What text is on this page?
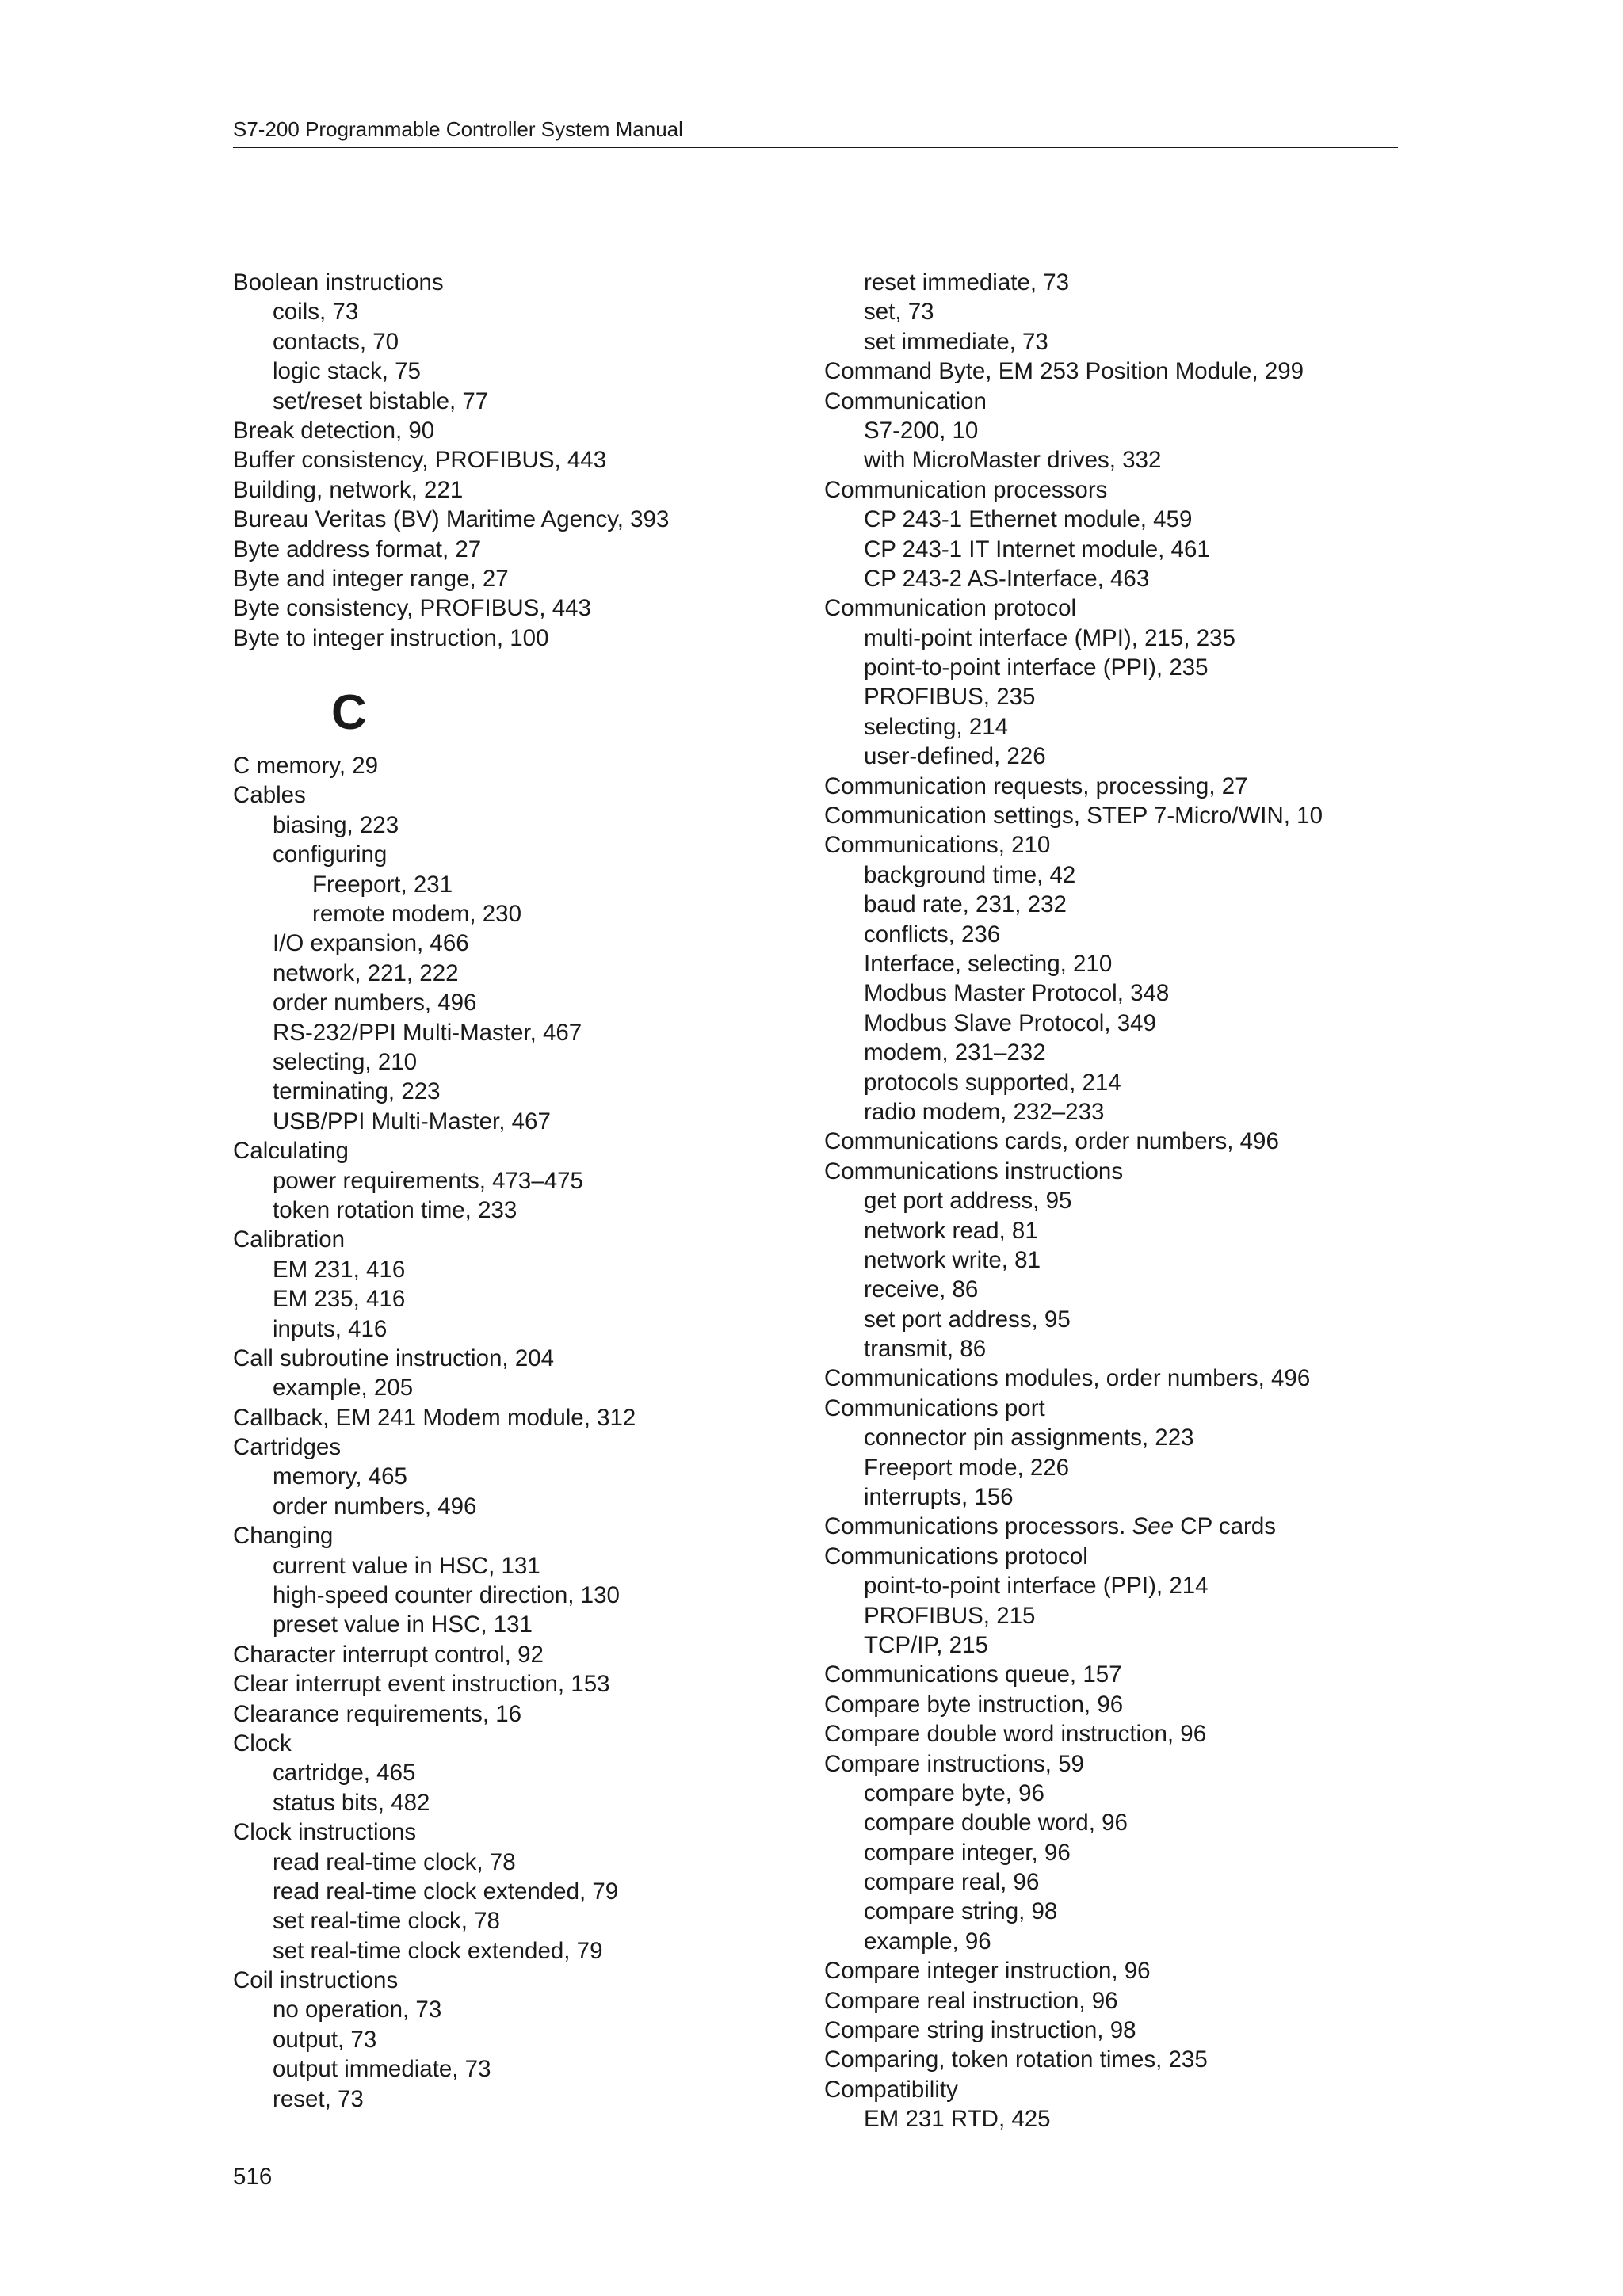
S7-200 Programmable Controller System Manual
Boolean instructions
coils, 73
contacts, 70
logic stack, 75
set/reset bistable, 77
Break detection, 90
Buffer consistency, PROFIBUS, 443
Building, network, 221
Bureau Veritas (BV) Maritime Agency, 393
Byte address format, 27
Byte and integer range, 27
Byte consistency, PROFIBUS, 443
Byte to integer instruction, 100
C
C memory, 29
Cables
biasing, 223
configuring
Freeport, 231
remote modem, 230
I/O expansion, 466
network, 221, 222
order numbers, 496
RS-232/PPI Multi-Master, 467
selecting, 210
terminating, 223
USB/PPI Multi-Master, 467
Calculating
power requirements, 473–475
token rotation time, 233
Calibration
EM 231, 416
EM 235, 416
inputs, 416
Call subroutine instruction, 204
example, 205
Callback, EM 241 Modem module, 312
Cartridges
memory, 465
order numbers, 496
Changing
current value in HSC, 131
high-speed counter direction, 130
preset value in HSC, 131
Character interrupt control, 92
Clear interrupt event instruction, 153
Clearance requirements, 16
Clock
cartridge, 465
status bits, 482
Clock instructions
read real-time clock, 78
read real-time clock extended, 79
set real-time clock, 78
set real-time clock extended, 79
Coil instructions
no operation, 73
output, 73
output immediate, 73
reset, 73
reset immediate, 73
set, 73
set immediate, 73
Command Byte, EM 253 Position Module, 299
Communication
S7-200, 10
with MicroMaster drives, 332
Communication processors
CP 243-1 Ethernet module, 459
CP 243-1 IT Internet module, 461
CP 243-2 AS-Interface, 463
Communication protocol
multi-point interface (MPI), 215, 235
point-to-point interface (PPI), 235
PROFIBUS, 235
selecting, 214
user-defined, 226
Communication requests, processing, 27
Communication settings, STEP 7-Micro/WIN, 10
Communications, 210
background time, 42
baud rate, 231, 232
conflicts, 236
Interface, selecting, 210
Modbus Master Protocol, 348
Modbus Slave Protocol, 349
modem, 231–232
protocols supported, 214
radio modem, 232–233
Communications cards, order numbers, 496
Communications instructions
get port address, 95
network read, 81
network write, 81
receive, 86
set port address, 95
transmit, 86
Communications modules, order numbers, 496
Communications port
connector pin assignments, 223
Freeport mode, 226
interrupts, 156
Communications processors. See CP cards
Communications protocol
point-to-point interface (PPI), 214
PROFIBUS, 215
TCP/IP, 215
Communications queue, 157
Compare byte instruction, 96
Compare double word instruction, 96
Compare instructions, 59
compare byte, 96
compare double word, 96
compare integer, 96
compare real, 96
compare string, 98
example, 96
Compare integer instruction, 96
Compare real instruction, 96
Compare string instruction, 98
Comparing, token rotation times, 235
Compatibility
EM 231 RTD, 425
516
